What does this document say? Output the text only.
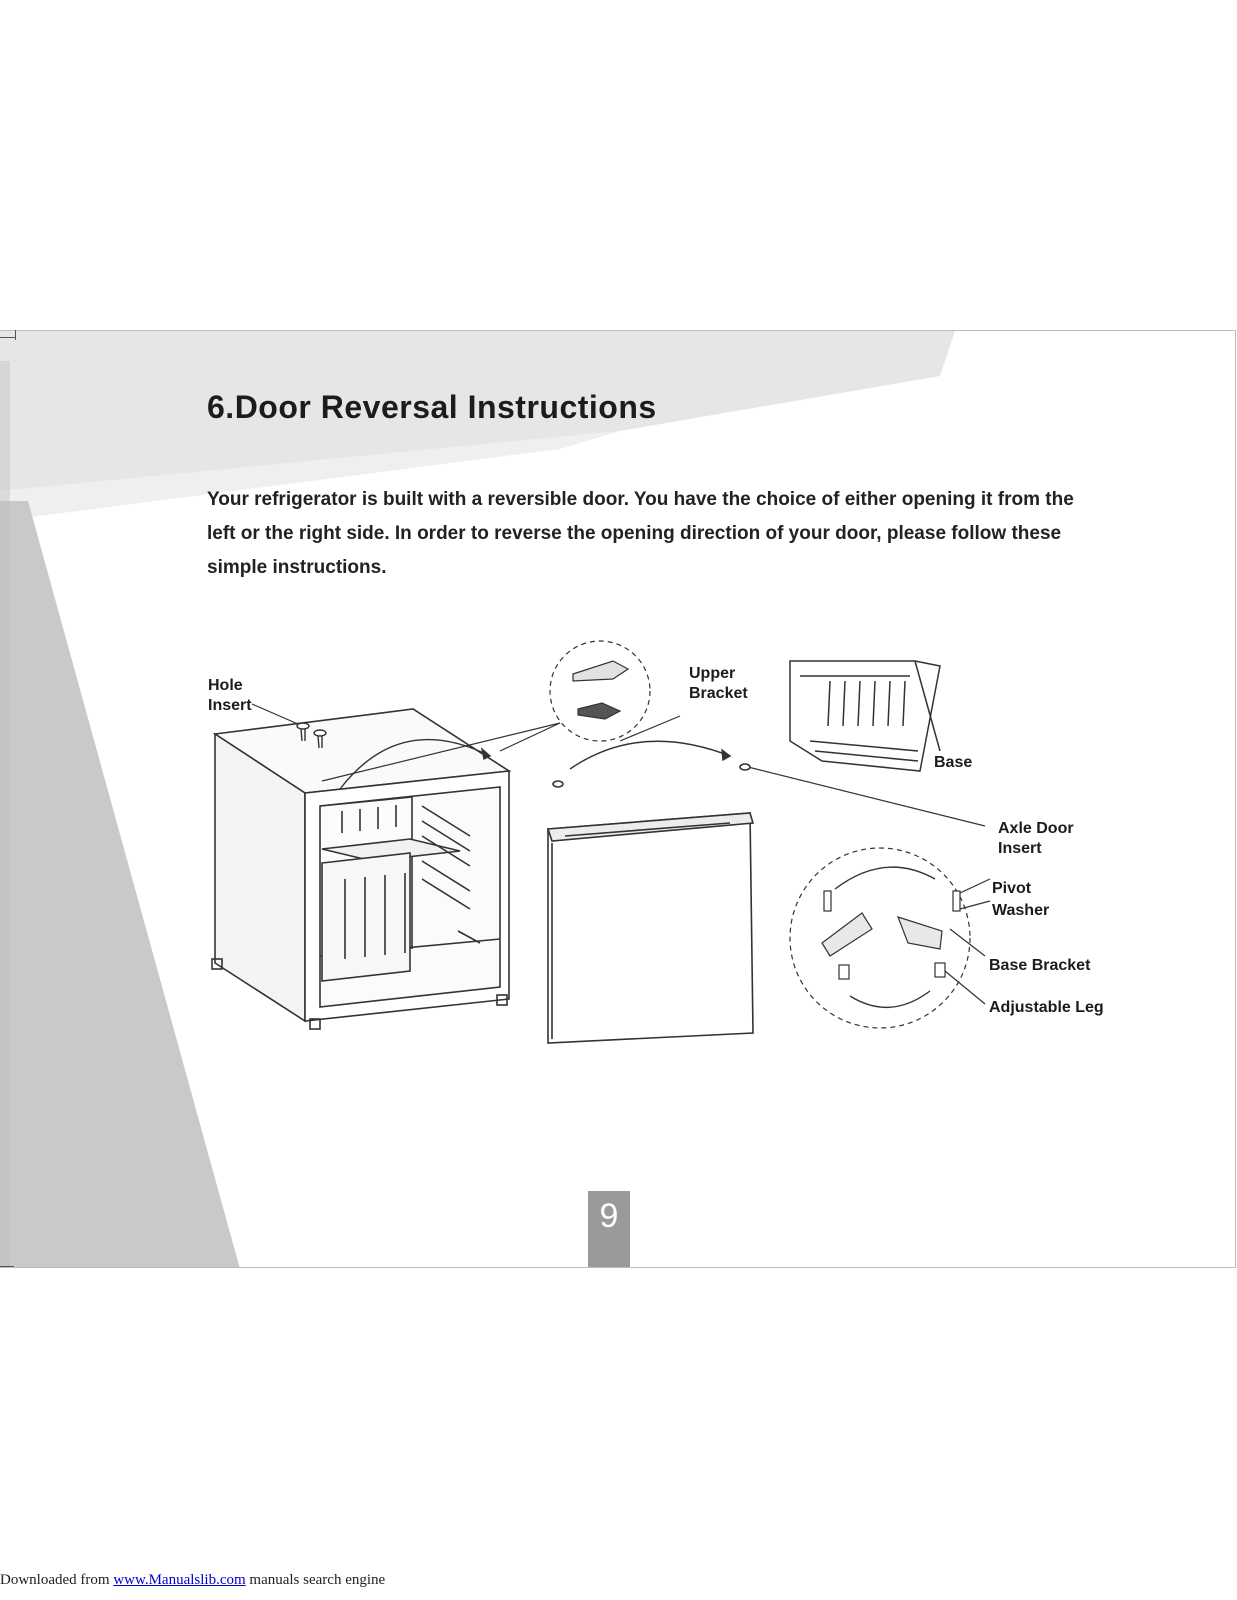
6.Door Reversal Instructions

Your refrigerator is built with a reversible door. You have the choice of either opening it from the left or the right side. In order to reverse the opening direction of your door, please follow these simple instructions.

Hole
Insert
Upper
Bracket
Base
Axle Door
Insert
Pivot
Washer
Base Bracket
Adjustable Leg
9
Downloaded from www.Manualslib.com manuals search engine
